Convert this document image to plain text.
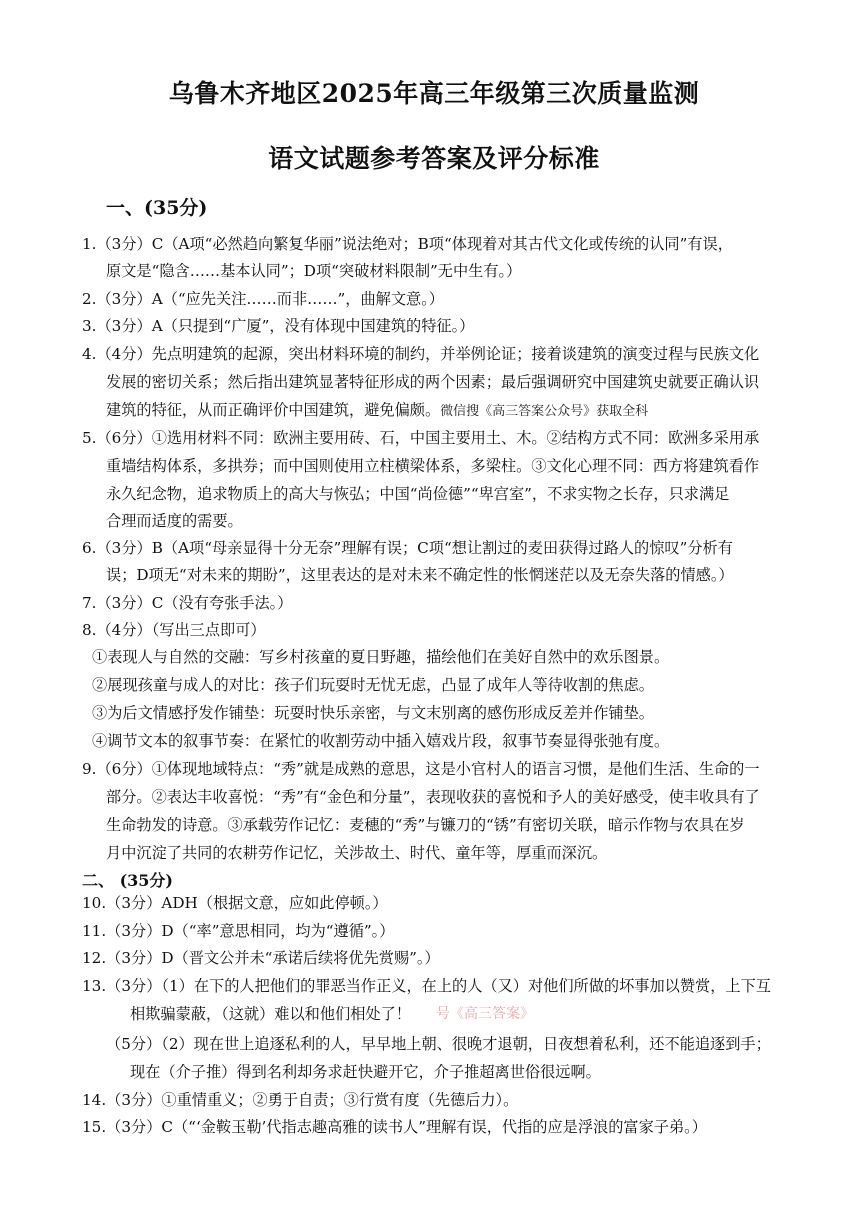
乌鲁木齐地区2025年高三年级第三次质量监测
语文试题参考答案及评分标准
一、(35分)
1.（3分）C（A项“必然趋向繁复华丽”说法绝对；B项“体现着对其古代文化或传统的认同”有误，
原文是“隐含……基本认同”；D项“突破材料限制”无中生有。）
2.（3分）A（“应先关注……而非……”，曲解文意。）
3.（3分）A（只提到“广厦”，没有体现中国建筑的特征。）
4.（4分）先点明建筑的起源，突出材料环境的制约，并举例论证；接着谈建筑的演变过程与民族文化
发展的密切关系；然后指出建筑显著特征形成的两个因素；最后强调研究中国建筑史就要正确认识
建筑的特征，从而正确评价中国建筑，避免偏颇。微信搜《高三答案公众号》获取全科
5.（6分）①选用材料不同：欧洲主要用砖、石，中国主要用土、木。②结构方式不同：欧洲多采用承
重墙结构体系，多拱券；而中国则使用立柱横梁体系，多梁柱。③文化心理不同：西方将建筑看作
永久纪念物，追求物质上的高大与恢弘；中国“尚俭德”“卑宫室”，不求实物之长存，只求满足
合理而适度的需要。
6.（3分）B（A项“母亲显得十分无奈”理解有误；C项“想让割过的麦田获得过路人的惊叹”分析有
误；D项无“对未来的期盼”，这里表达的是对未来不确定性的怅惘迷茫以及无奈失落的情感。）
7.（3分）C（没有夸张手法。）
8.（4分）（写出三点即可）
①表现人与自然的交融：写乡村孩童的夏日野趣，描绘他们在美好自然中的欢乐图景。
②展现孩童与成人的对比：孩子们玩耍时无忧无虑，凸显了成年人等待收割的焦虑。
③为后文情感抒发作铺垫：玩耍时快乐亲密，与文末别离的感伤形成反差并作铺垫。
④调节文本的叙事节奏：在紧忙的收割劳动中插入嬉戏片段，叙事节奏显得张弛有度。
9.（6分）①体现地域特点：“秀”就是成熟的意思，这是小官村人的语言习惯，是他们生活、生命的一
部分。②表达丰收喜悦：“秀”有“金色和分量”，表现收获的喜悦和予人的美好感受，使丰收具有了
生命勃发的诗意。③承载劳作记忆：麦穗的“秀”与镰刀的“锈”有密切关联，暗示作物与农具在岁
月中沉淀了共同的农耕劳作记忆，关涉故土、时代、童年等，厚重而深沉。
二、 (35分)
10.（3分）ADH（根据文意，应如此停顿。）
11.（3分）D（“率”意思相同，均为“遵循”。）
12.（3分）D（晋文公并未“承诺后续将优先赏赐”。）
13.（3分）（1）在下的人把他们的罪恶当作正义，在上的人（又）对他们所做的坏事加以赞赏，上下互
相欺骗蒙蔽，（这就）难以和他们相处了！
（5分）（2）现在世上追逐私利的人，早早地上朝、很晚才退朝，日夜想着私利，还不能追逐到手；
现在（介子推）得到名利却务求赶快避开它，介子推超离世俗很远啊。
14.（3分）①重情重义；②勇于自责；③行赏有度（先德后力）。
15.（3分）C（“‘金鞍玉勒’代指志趣高雅的读书人”理解有误，代指的应是浮浪的富家子弟。）
号《高三答案》
